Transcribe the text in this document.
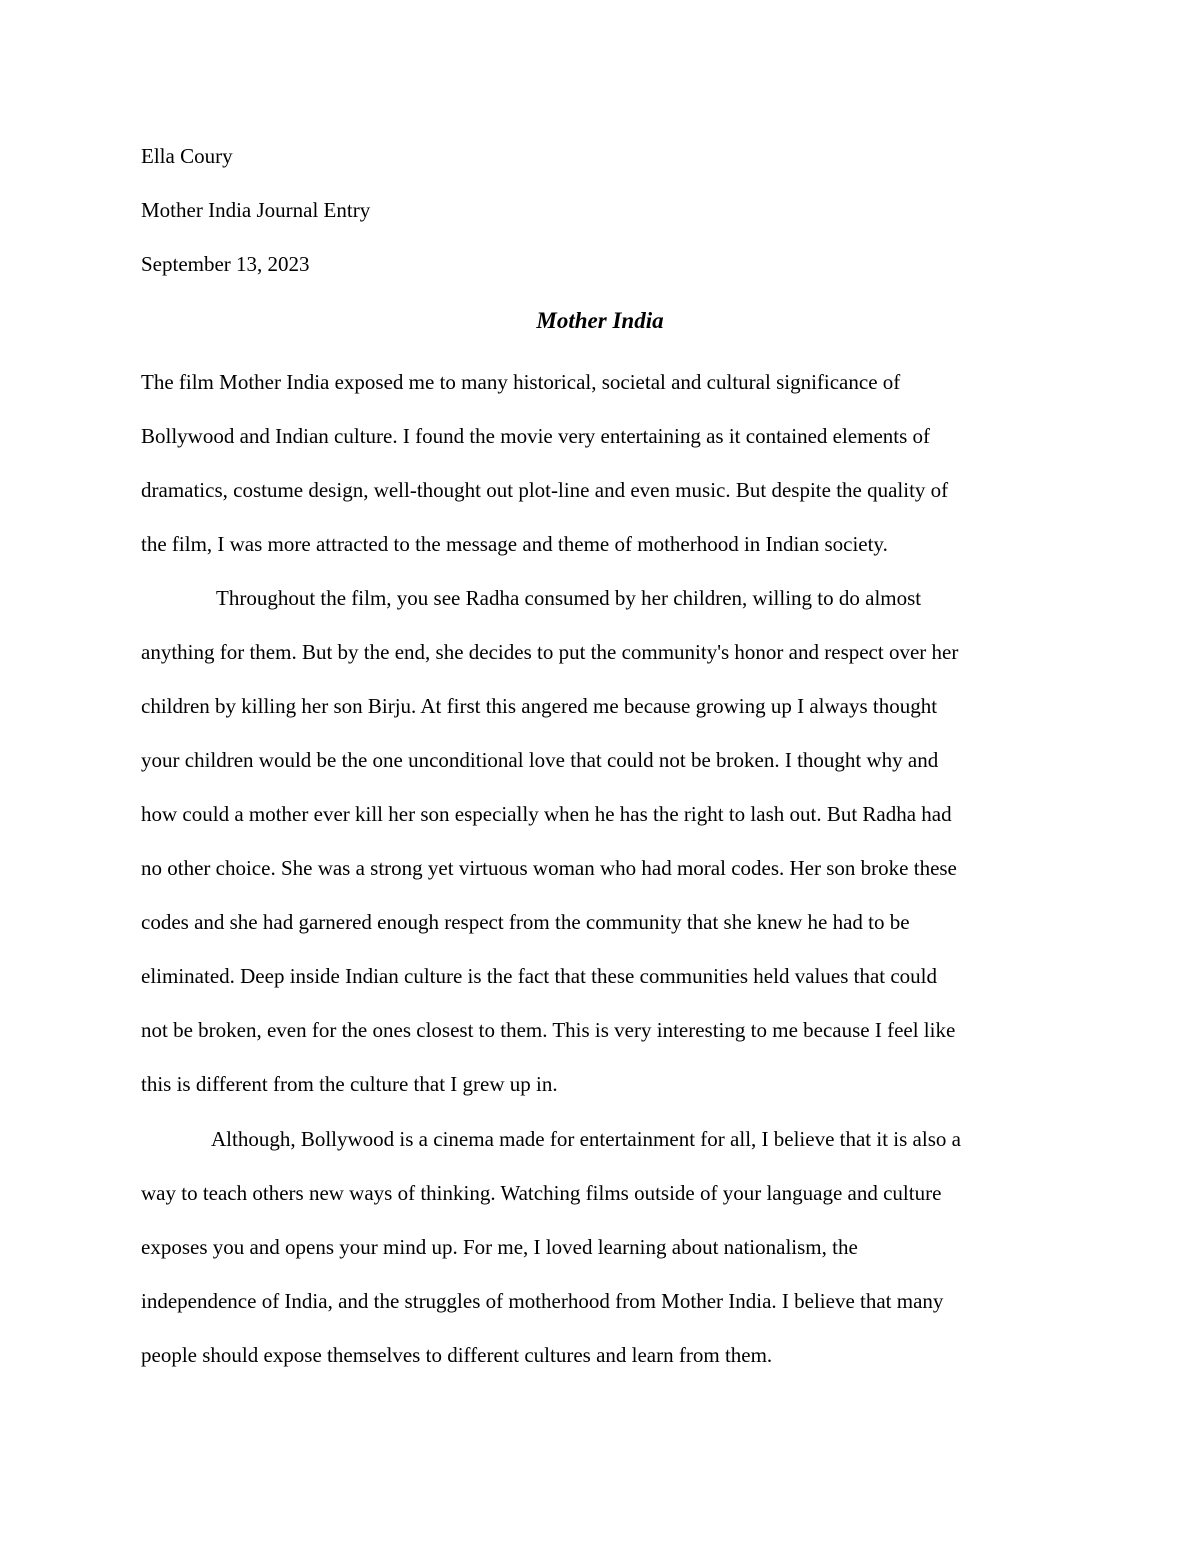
Ella Coury
Mother India Journal Entry
September 13, 2023
Mother India
The film Mother India exposed me to many historical, societal and cultural significance of
Bollywood and Indian culture. I found the movie very entertaining as it contained elements of
dramatics, costume design, well-thought out plot-line and even music. But despite the quality of
the film, I was more attracted to the message and theme of motherhood in Indian society.
Throughout the film, you see Radha consumed by her children, willing to do almost
anything for them. But by the end, she decides to put the community's honor and respect over her
children by killing her son Birju. At first this angered me because growing up I always thought
your children would be the one unconditional love that could not be broken. I thought why and
how could a mother ever kill her son especially when he has the right to lash out. But Radha had
no other choice. She was a strong yet virtuous woman who had moral codes. Her son broke these
codes and she had garnered enough respect from the community that she knew he had to be
eliminated. Deep inside Indian culture is the fact that these communities held values that could
not be broken, even for the ones closest to them. This is very interesting to me because I feel like
this is different from the culture that I grew up in.
Although, Bollywood is a cinema made for entertainment for all, I believe that it is also a
way to teach others new ways of thinking. Watching films outside of your language and culture
exposes you and opens your mind up. For me, I loved learning about nationalism, the
independence of India, and the struggles of motherhood from Mother India. I believe that many
people should expose themselves to different cultures and learn from them.
